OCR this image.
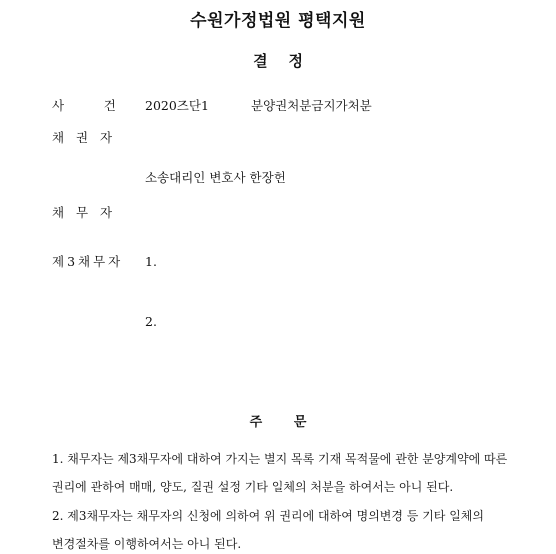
수원가정법원 평택지원
결    정
사          건 2020즈단1	분양권처분금지가처분
채   권   자
소송대리인 변호사 한장헌
채   무   자
제3채무자 1.
2.
주       문
1. 채무자는 제3채무자에 대하여 가지는 별지 목록 기재 목적물에 관한 분양계약에 따른
권리에 관하여 매매, 양도, 질권 설정 기타 일체의 처분을 하여서는 아니 된다.
2. 제3채무자는 채무자의 신청에 의하여 위 권리에 대하여 명의변경 등 기타 일체의
변경절차를 이행하여서는 아니 된다.
